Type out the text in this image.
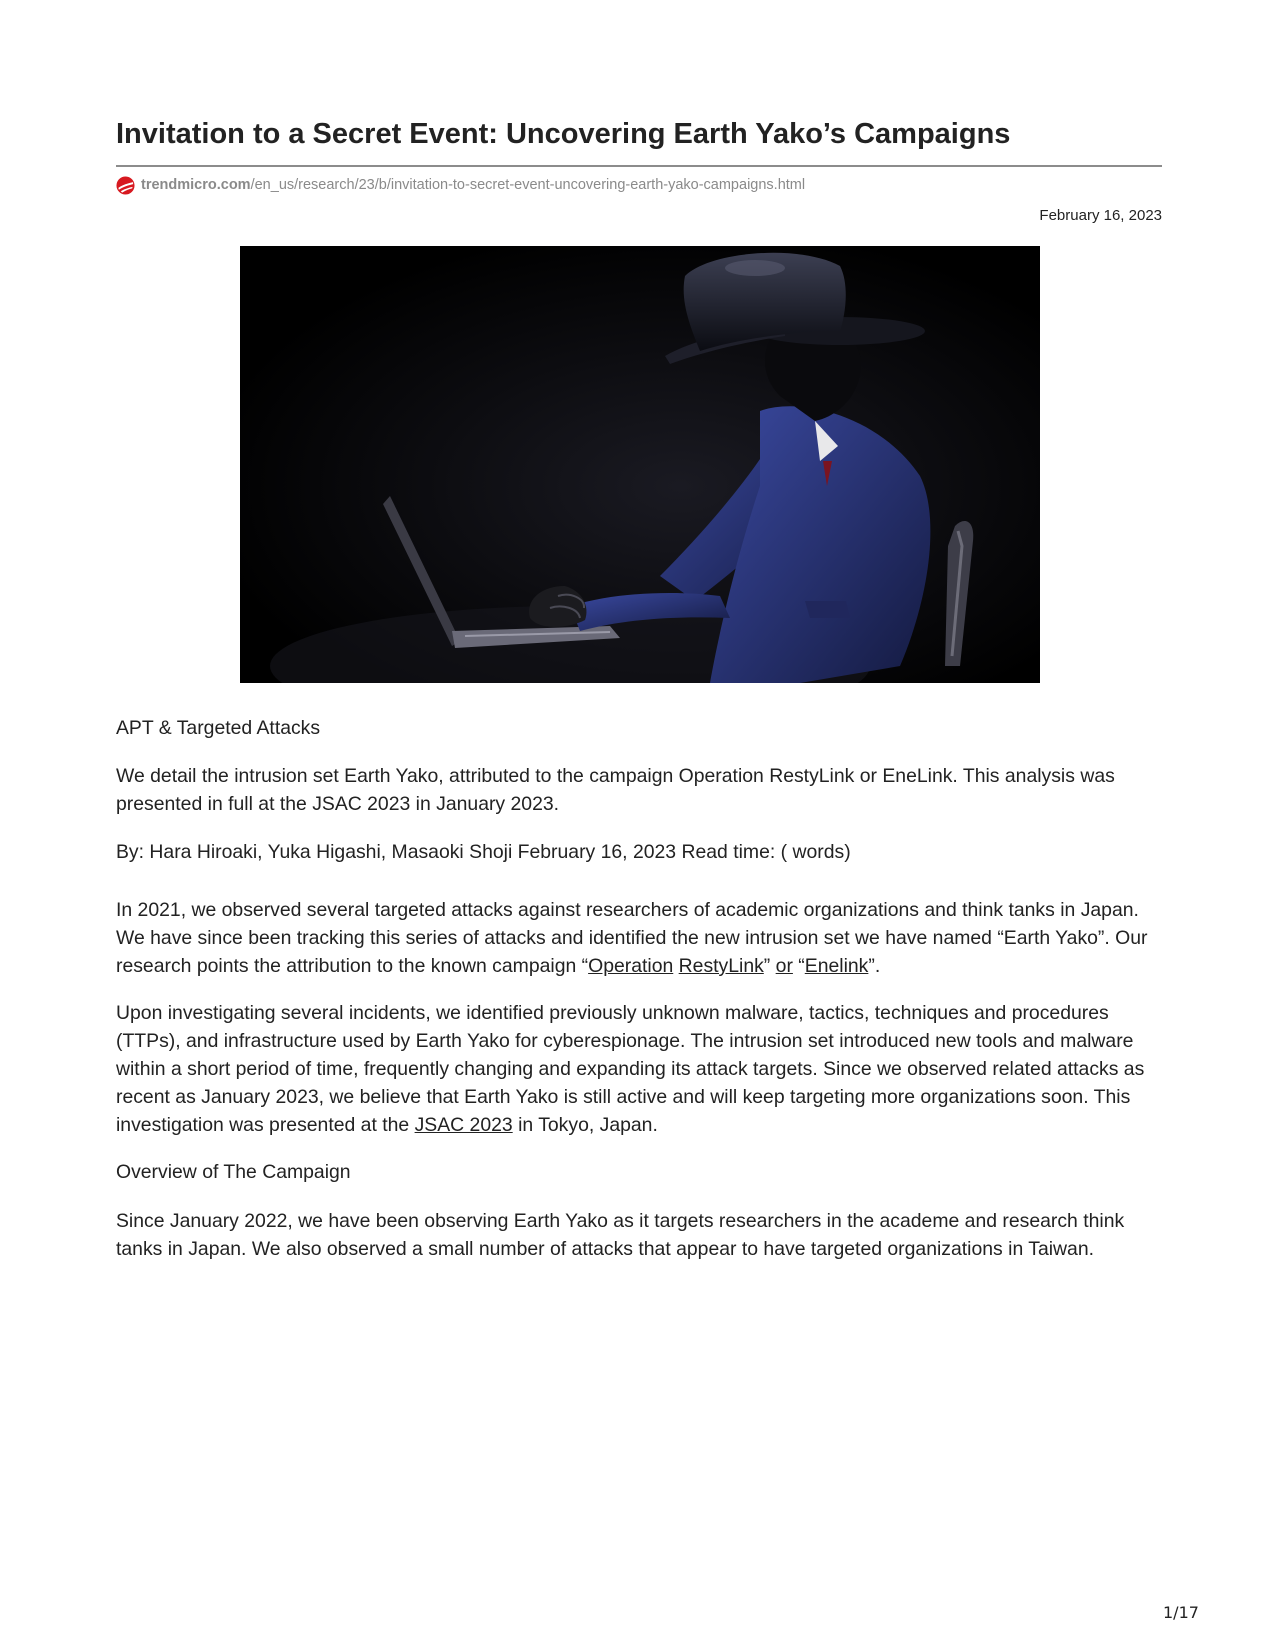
Invitation to a Secret Event: Uncovering Earth Yako’s Campaigns
trendmicro.com /en_us/research/23/b/invitation-to-secret-event-uncovering-earth-yako-campaigns.html
February 16, 2023

APT & Targeted Attacks

We detail the intrusion set Earth Yako, attributed to the campaign Operation RestyLink or EneLink. This analysis was presented in full at the JSAC 2023 in January 2023.

By: Hara Hiroaki, Yuka Higashi, Masaoki Shoji February 16, 2023 Read time: ( words)

In 2021, we observed several targeted attacks against researchers of academic organizations and think tanks in Japan. We have since been tracking this series of attacks and identified the new intrusion set we have named “Earth Yako”. Our research points the attribution to the known campaign “Operation RestyLink” or “Enelink”.

Upon investigating several incidents, we identified previously unknown malware, tactics, techniques and procedures (TTPs), and infrastructure used by Earth Yako for cyberespionage. The intrusion set introduced new tools and malware within a short period of time, frequently changing and expanding its attack targets. Since we observed related attacks as recent as January 2023, we believe that Earth Yako is still active and will keep targeting more organizations soon. This investigation was presented at the JSAC 2023 in Tokyo, Japan.

Overview of The Campaign

Since January 2022, we have been observing Earth Yako as it targets researchers in the academe and research think tanks in Japan. We also observed a small number of attacks that appear to have targeted organizations in Taiwan.

1/17
